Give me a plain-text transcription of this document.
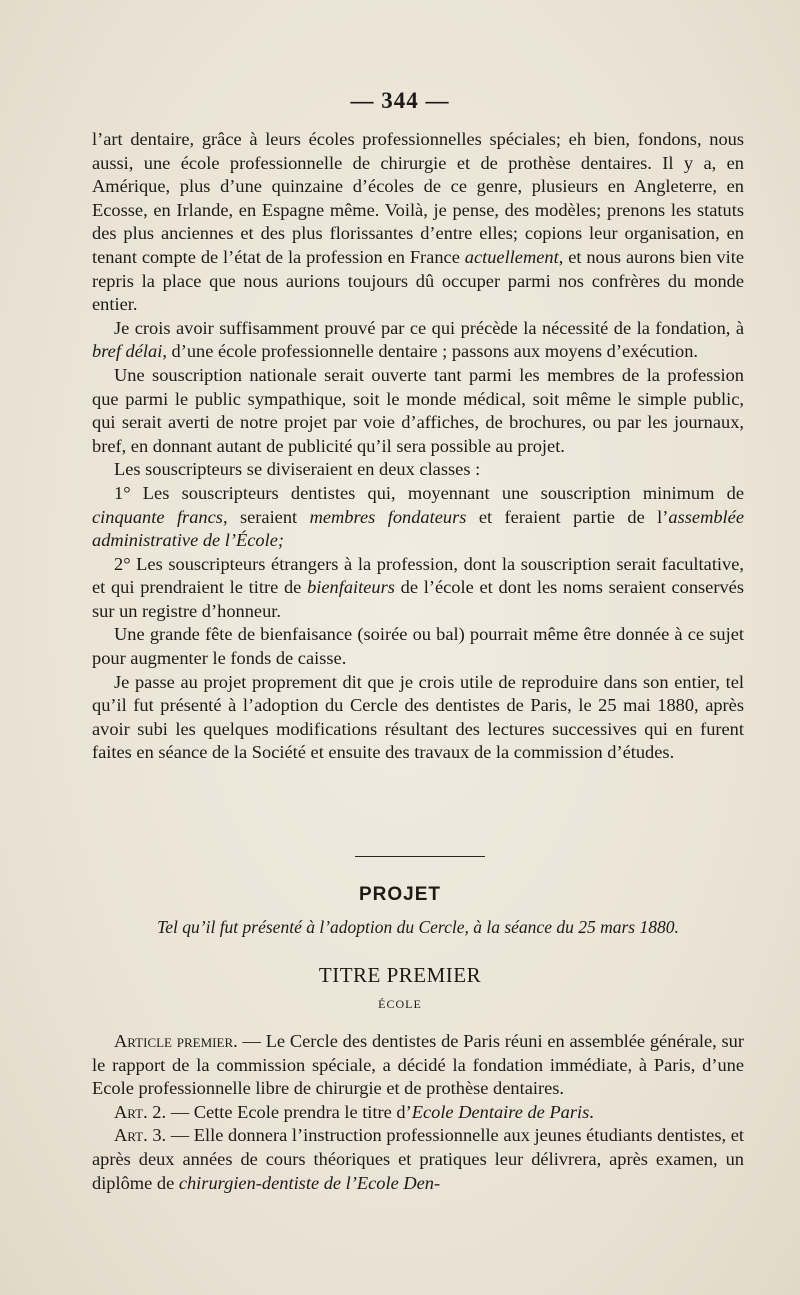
— 344 —

l’art dentaire, grâce à leurs écoles professionnelles spéciales; eh bien, fondons, nous aussi, une école professionnelle de chirurgie et de prothèse dentaires. Il y a, en Amérique, plus d’une quinzaine d’écoles de ce genre, plusieurs en Angleterre, en Ecosse, en Irlande, en Espagne même. Voilà, je pense, des modèles; prenons les statuts des plus anciennes et des plus florissantes d’entre elles; copions leur organisation, en tenant compte de l’état de la profession en France actuellement, et nous aurons bien vite repris la place que nous aurions toujours dû occuper parmi nos confrères du monde entier.

Je crois avoir suffisamment prouvé par ce qui précède la nécessité de la fondation, à bref délai, d’une école professionnelle dentaire ; passons aux moyens d’exécution.

Une souscription nationale serait ouverte tant parmi les membres de la profession que parmi le public sympathique, soit le monde médical, soit même le simple public, qui serait averti de notre projet par voie d’affiches, de brochures, ou par les journaux, bref, en donnant autant de publicité qu’il sera possible au projet.

Les souscripteurs se diviseraient en deux classes :

1° Les souscripteurs dentistes qui, moyennant une souscription minimum de cinquante francs, seraient membres fondateurs et feraient partie de l’assemblée administrative de l’École;

2° Les souscripteurs étrangers à la profession, dont la souscription serait facultative, et qui prendraient le titre de bienfaiteurs de l’école et dont les noms seraient conservés sur un registre d’honneur.

Une grande fête de bienfaisance (soirée ou bal) pourrait même être donnée à ce sujet pour augmenter le fonds de caisse.

Je passe au projet proprement dit que je crois utile de reproduire dans son entier, tel qu’il fut présenté à l’adoption du Cercle des dentistes de Paris, le 25 mai 1880, après avoir subi les quelques modifications résultant des lectures successives qui en furent faites en séance de la Société et ensuite des travaux de la commission d’études.

PROJET
Tel qu’il fut présenté à l’adoption du Cercle, à la séance du 25 mars 1880.
TITRE PREMIER
ÉCOLE

Article premier. — Le Cercle des dentistes de Paris réuni en assemblée générale, sur le rapport de la commission spéciale, a décidé la fondation immédiate, à Paris, d’une Ecole professionnelle libre de chirurgie et de prothèse dentaires.

Art. 2. — Cette Ecole prendra le titre d’Ecole Dentaire de Paris.

Art. 3. — Elle donnera l’instruction professionnelle aux jeunes étudiants dentistes, et après deux années de cours théoriques et pratiques leur délivrera, après examen, un diplôme de chirurgien-dentiste de l’Ecole Den-
